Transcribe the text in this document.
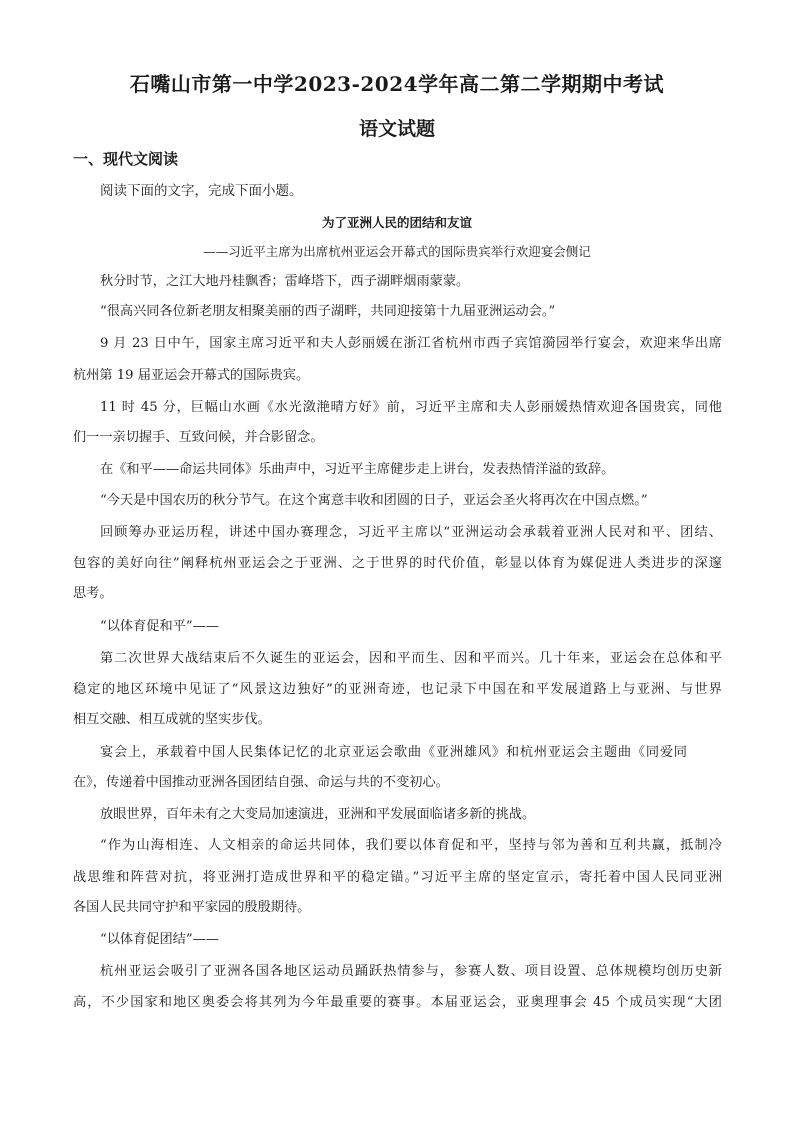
石嘴山市第一中学2023-2024学年高二第二学期期中考试
语文试题
一、现代文阅读
阅读下面的文字，完成下面小题。
为了亚洲人民的团结和友谊
——习近平主席为出席杭州亚运会开幕式的国际贵宾举行欢迎宴会侧记
秋分时节，之江大地丹桂飘香；雷峰塔下，西子湖畔烟雨蒙蒙。
“很高兴同各位新老朋友相聚美丽的西子湖畔，共同迎接第十九届亚洲运动会。”
9 月 23 日中午，国家主席习近平和夫人彭丽媛在浙江省杭州市西子宾馆漪园举行宴会，欢迎来华出席
杭州第 19 届亚运会开幕式的国际贵宾。
11 时 45 分，巨幅山水画《水光潋滟晴方好》前，习近平主席和夫人彭丽媛热情欢迎各国贵宾，同他
们一一亲切握手、互致问候，并合影留念。
在《和平——命运共同体》乐曲声中，习近平主席健步走上讲台，发表热情洋溢的致辞。
“今天是中国农历的秋分节气。在这个寓意丰收和团圆的日子，亚运会圣火将再次在中国点燃。”
回顾筹办亚运历程，讲述中国办赛理念，习近平主席以“亚洲运动会承载着亚洲人民对和平、团结、
包容的美好向往”阐释杭州亚运会之于亚洲、之于世界的时代价值，彰显以体育为媒促进人类进步的深邃
思考。
“以体育促和平”——
第二次世界大战结束后不久诞生的亚运会，因和平而生、因和平而兴。几十年来，亚运会在总体和平
稳定的地区环境中见证了“风景这边独好”的亚洲奇迹，也记录下中国在和平发展道路上与亚洲、与世界
相互交融、相互成就的坚实步伐。
宴会上，承载着中国人民集体记忆的北京亚运会歌曲《亚洲雄风》和杭州亚运会主题曲《同爱同
在》，传递着中国推动亚洲各国团结自强、命运与共的不变初心。
放眼世界，百年未有之大变局加速演进，亚洲和平发展面临诸多新的挑战。
“作为山海相连、人文相亲的命运共同体，我们要以体育促和平，坚持与邻为善和互利共赢，抵制冷
战思维和阵营对抗，将亚洲打造成世界和平的稳定锚。”习近平主席的坚定宣示，寄托着中国人民同亚洲
各国人民共同守护和平家园的殷殷期待。
“以体育促团结”——
杭州亚运会吸引了亚洲各国各地区运动员踊跃热情参与，参赛人数、项目设置、总体规模均创历史新
高，不少国家和地区奥委会将其列为今年最重要的赛事。本届亚运会，亚奥理事会 45 个成员实现“大团
